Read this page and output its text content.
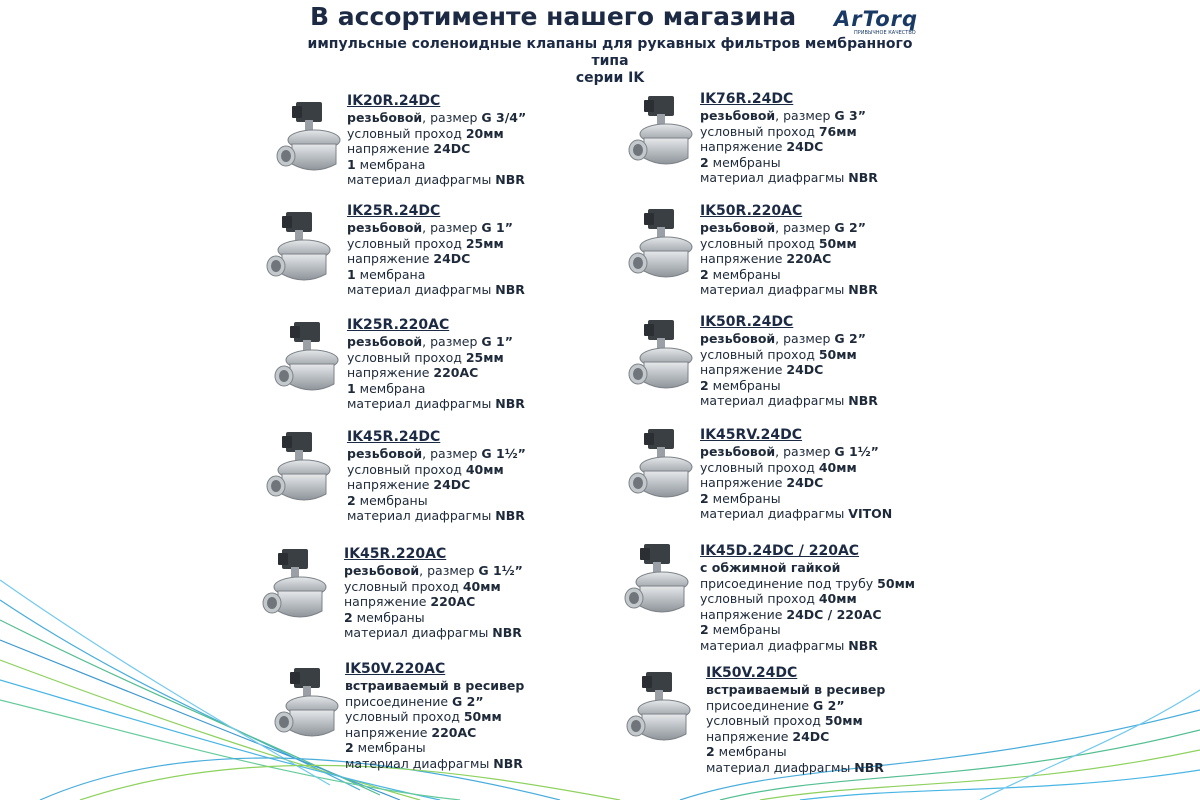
В ассортименте нашего магазина ArTorq
ПРИВЫЧНОЕ КАЧЕСТВО
импульсные соленоидные клапаны для рукавных фильтров мембранного типа
серии IK
IK20R.24DC
резьбовой, размер G 3/4”
условный проход 20мм
напряжение 24DC
1 мембрана
материал диафрагмы NBR
IK76R.24DC
резьбовой, размер G 3”
условный проход 76мм
напряжение 24DC
2 мембраны
материал диафрагмы NBR
IK25R.24DC
резьбовой, размер G 1”
условный проход 25мм
напряжение 24DC
1 мембрана
материал диафрагмы NBR
IK50R.220AC
резьбовой, размер G 2”
условный проход 50мм
напряжение 220AC
2 мембраны
материал диафрагмы NBR
IK25R.220AC
резьбовой, размер G 1”
условный проход 25мм
напряжение 220AC
1 мембрана
материал диафрагмы NBR
IK50R.24DC
резьбовой, размер G 2”
условный проход 50мм
напряжение 24DC
2 мембраны
материал диафрагмы NBR
IK45R.24DC
резьбовой, размер G 1½”
условный проход 40мм
напряжение 24DC
2 мембраны
материал диафрагмы NBR
IK45RV.24DC
резьбовой, размер G 1½”
условный проход 40мм
напряжение 24DC
2 мембраны
материал диафрагмы VITON
IK45R.220AC
резьбовой, размер G 1½”
условный проход 40мм
напряжение 220AC
2 мембраны
материал диафрагмы NBR
IK45D.24DC / 220AC
с обжимной гайкой
присоединение под трубу 50мм
условный проход 40мм
напряжение 24DC / 220AC
2 мембраны
материал диафрагмы NBR
IK50V.220AC
встраиваемый в ресивер
присоединение G 2”
условный проход 50мм
напряжение 220AC
2 мембраны
материал диафрагмы NBR
IK50V.24DC
встраиваемый в ресивер
присоединение G 2”
условный проход 50мм
напряжение 24DC
2 мембраны
материал диафрагмы NBR
